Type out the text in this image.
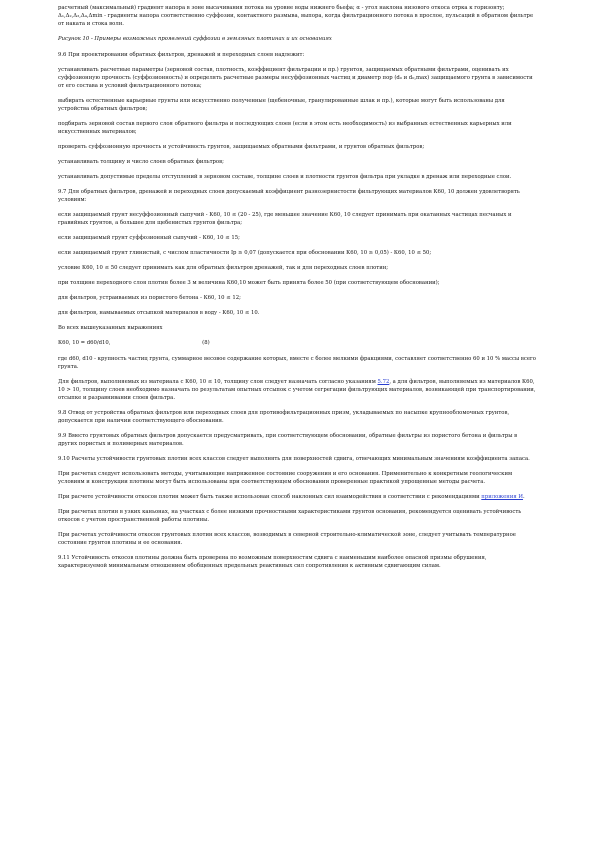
расчетный (максимальный) градиент напора в зоне высачивания потока на уровне воды нижнего бьефа; α - угол наклона низового откоса отрка к горизонту; Δ₁,Δ₂,Δ₃,Δ₄,Δmin - градиенты напора соответственно суффозии, контактного размыва, выпора, когда фильтрационного потока в прослое, пульсаций в обратном фильтре от наката и стока волн.

Рисунок 10 - Примеры возможных проявлений суффозии в земляных плотинах и их основаниях

9.6 При проектировании обратных фильтров, дренажей и переходных слоев надлежит:

устанавливать расчетные параметры (зерновой состав, плотность, коэффициент фильтрации и пр.) грунтов, защищаемых обратными фильтрами, оценивать их суффозионную прочность (суффозионность) и определять расчетные размеры несуффозионных частиц и диаметр пор (d₀ и d₀,max) защищаемого грунта в зависимости от его состава и условий фильтрационного потока;

выбирать естественные карьерные грунты или искусственно полученные (щебеночные, гранулированные шлак и пр.), которые могут быть использованы для устройства обратных фильтров;

подбирать зерновой состав первого слоя обратного фильтра и последующих слоев (если в этом есть необходимость) из выбранных естественных карьерных или искусственных материалов;

проверять суффозионную прочность и устойчивость грунтов, защищаемых обратными фильтрами, и грунтов обратных фильтров;

устанавливать толщину и число слоев обратных фильтров;

устанавливать допустимые пределы отступлений в зерновом составе, толщине слоев и плотности грунтов фильтра при укладке в дренаж или переходные слои.

9.7 Для обратных фильтров, дренажей и переходных слоев допускаемый коэффициент разнозернистости фильтрующих материалов К60, 10 должен удовлетворять условиям:

если защищаемый грунт несуффозионный сыпучий - К60, 10 ≤ (20 - 25), где меньшее значение К60, 10 следует принимать при окатанных частицах песчаных и гравийных грунтов, а большее для щебенистых грунтов фильтра;

если защищаемый грунт суффозионный сыпучий - К60, 10 ≤ 15;

если защищаемый грунт глинистый, с числом пластичности Ip ≥ 0,07 (допускается при обосновании К60, 10 ≥ 0,05) - К60, 10 ≤ 50;

условие К60, 10 ≤ 50 следует принимать как для обратных фильтров дренажей, так и для переходных слоев плотин;

при толщине переходного слоя плотин более 3 м величина К60,10 может быть принята более 50 (при соответствующем обосновании);

для фильтров, устраиваемых из пористого бетона - К60, 10 ≤ 12;

для фильтров, намываемых отсыпкой материалов в воду - К60, 10 ≤ 10.

Во всех вышеуказанных выражениях

К60, 10 = d60/d10,	(8)

где d60, d10 - крупность частиц грунта, суммарное весовое содержание которых, вместе с более мелкими фракциями, составляет соответственно 60 и 10 % массы всего грунта.

Для фильтров, выполняемых из материала с К60, 10 ≤ 10, толщину слоя следует назначать согласно указаниям 5.72, а для фильтров, выполняемых из материалов К60, 10 > 10, толщину слоев необходимо назначать по результатам опытных отсыпок с учетом сегрегации фильтрующих материалов, возникающей при транспортировании, отсыпке и разравнивании слоев фильтра.

9.8 Отвод от устройства обратных фильтров или переходных слоев для противофильтрационных призм, укладываемых по насыпке крупнообломочных грунтов, допускается при наличии соответствующего обоснования.

9.9 Вместо грунтовых обратных фильтров допускается предусматривать, при соответствующем обосновании, обратные фильтры из пористого бетона и фильтры в других пористых и полимерных материалов.

9.10 Расчеты устойчивости грунтовых плотин всех классов следует выполнять для поверхностей сдвига, отвечающих минимальным значениям коэффициента запаса.

При расчетах следует использовать методы, учитывающие напряженное состояние сооружения и его основания. Применительно к конкретным геологическим условиям и конструкции плотины могут быть использованы при соответствующем обосновании проверенные практикой упрощенные методы расчета.

При расчете устойчивости откосов плотин может быть также использован способ наклонных сил взаимодействия в соответствии с рекомендациями приложения И.

При расчетах плотин в узких каньонах, на участках с более низкими прочностными характеристиками грунтов основания, рекомендуется оценивать устойчивость откосов с учетом пространственной работы плотины.

При расчетах устойчивости откосов грунтовых плотин всех классов, возводимых в северной строительно-климатической зоне, следует учитывать температурное состояние грунтов плотины и ее основания.

9.11 Устойчивость откосов плотины должна быть проверена по возможным поверхностям сдвига с наименьшим наиболее опасной призмы обрушения, характеризуемой минимальным отношением обобщенных предельных реактивных сил сопротивления к активным сдвигающим силам.
